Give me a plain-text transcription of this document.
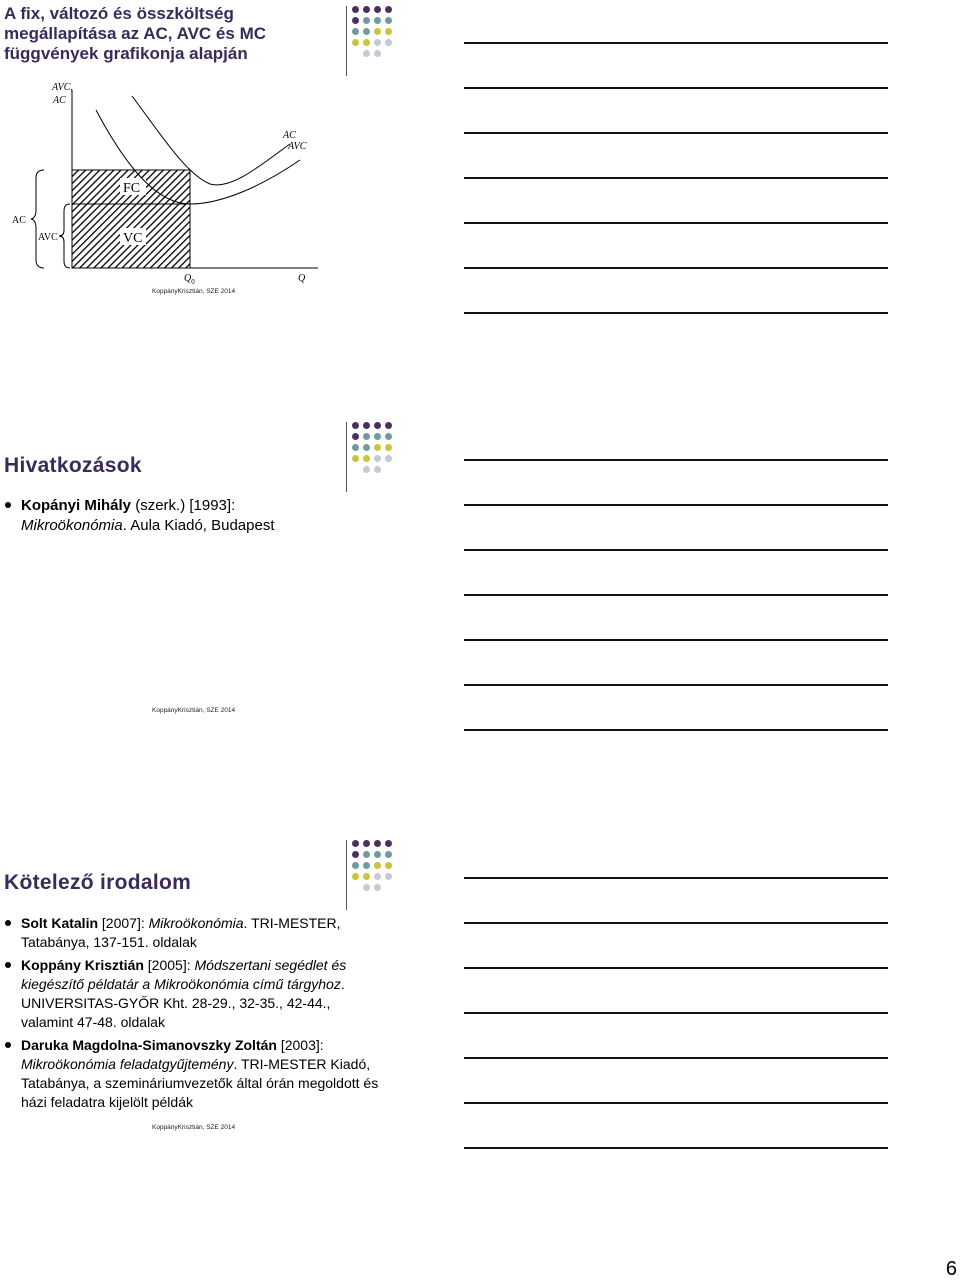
A fix, változó és összköltség
megállapítása az AC, AVC és MC
függvények grafikonja alapján
AVC,
AC
FC
VC
AC
AVC
AC
AVC
$Q_0$	Q
KoppányKrisztián, SZE 2014
Hivatkozások
Kopányi Mihály (szerk.) [1993]:
Mikroökonómia. Aula Kiadó, Budapest
KoppányKrisztián, SZE 2014
Kötelező irodalom
Solt Katalin [2007]: Mikroökonómia. TRI-MESTER, Tatabánya, 137-151. oldalak
Koppány Krisztián [2005]: Módszertani segédlet és kiegészítő példatár a Mikroökonómia című tárgyhoz. UNIVERSITAS-GYŐR Kht. 28-29., 32-35., 42-44., valamint 47-48. oldalak
Daruka Magdolna-Simanovszky Zoltán [2003]: Mikroökonómia feladatgyűjtemény. TRI-MESTER Kiadó, Tatabánya, a szemináriumvezetők által órán megoldott és házi feladatra kijelölt példák
KoppányKrisztián, SZE 2014
6
